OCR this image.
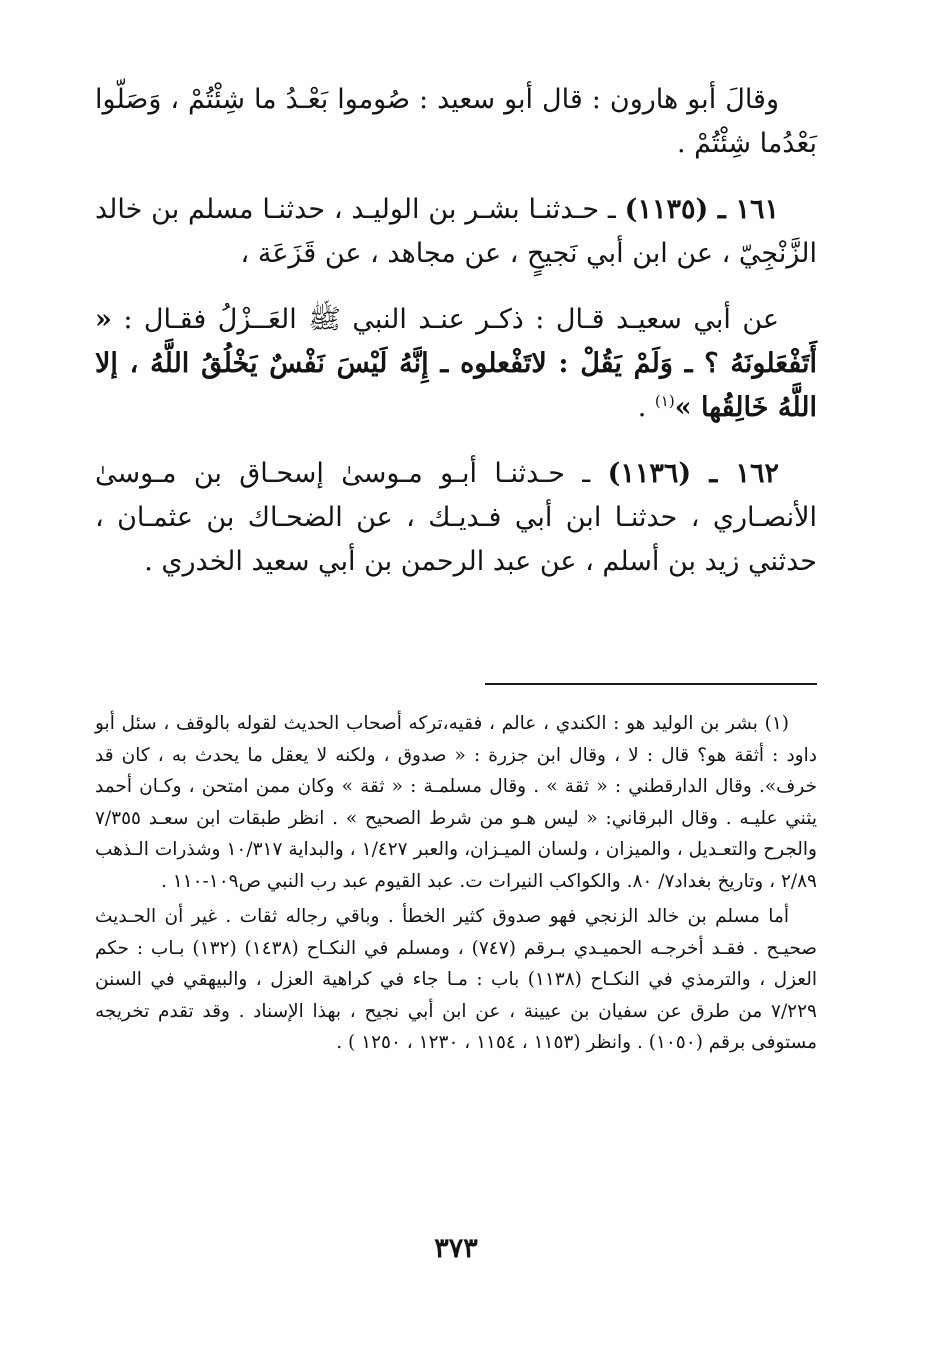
وقالَ أبو هارون : قال أبو سعيد : صُوموا بَعْـدُ ما شِئْتُمْ ، وَصَلّوا بَعْدُما شِئْتُمْ .

١٦١ ـ (١١٣٥) ـ حـدثنـا بشـر بن الوليـد ، حدثنـا مسلم بن خالد الزَّنْجِيّ ، عن ابن أبي نَجيحٍ ، عن مجاهد ، عن قَزَعَة ،

عن أبي سعيـد قـال : ذكـر عنـد النبي ﷺ العَــزْلُ فقـال : « أَتَفْعَلونَهُ ؟ ـ وَلَمْ يَقُلْ : لاتَفْعلوه ـ إِنَّهُ لَيْسَ نَفْسٌ يَخْلُقُ اللَّهُ ، إلا اللَّهُ خَالِقُها »$^{(١)}$ .

١٦٢ ـ (١١٣٦) ـ حـدثنـا أبـو مـوسىٰ إسحـاق بن مـوسىٰ الأنصـاري ، حدثنـا ابن أبي فـديـك ، عن الضحـاك بن عثمـان ، حدثني زيد بن أسلم ، عن عبد الرحمن بن أبي سعيد الخدري .

(١) بشر بن الوليد هو : الكندي ، عالم ، فقيه،تركه أصحاب الحديث لقوله بالوقف ، سئل أبو داود : أثقة هو؟ قال : لا ، وقال ابن جزرة : « صدوق ، ولكنه لا يعقل ما يحدث به ، كان قد خرف». وقال الدارقطني : « ثقة » . وقال مسلمـة : « ثقة » وكان ممن امتحن ، وكـان أحمد يثني عليـه . وقال البرقاني: « ليس هـو من شرط الصحيح » . انظر طبقات ابن سعـد ٧/٣٥٥ والجرح والتعـديل ، والميزان ، ولسان الميـزان، والعبر ١/٤٢٧ ، والبداية ١٠/٣١٧ وشذرات الـذهب ٢/٨٩ ، وتاريخ بغداد٧/ ٨٠. والكواكب النيرات ت. عبد القيوم عبد رب النبي ص١٠٩-١١٠ .

أما مسلم بن خالد الزنجي فهو صدوق كثير الخطأ . وباقي رجاله ثقات . غير أن الحـديث صحيـح . فقـد أخرجـه الحميـدي بـرقم (٧٤٧) ، ومسلم في النكـاح (١٤٣٨) (١٣٢) بـاب : حكم العزل ، والترمذي في النكـاح (١١٣٨) باب : مـا جاء في كراهية العزل ، والبيهقي في السنن ٧/٢٢٩ من طرق عن سفيان بن عيينة ، عن ابن أبي نجيح ، بهذا الإسناد . وقد تقدم تخريجه مستوفى برقم (١٠٥٠) . وانظر (١١٥٣ ، ١١٥٤ ، ١٢٣٠ ، ١٢٥٠ ) .

٣٧٣
